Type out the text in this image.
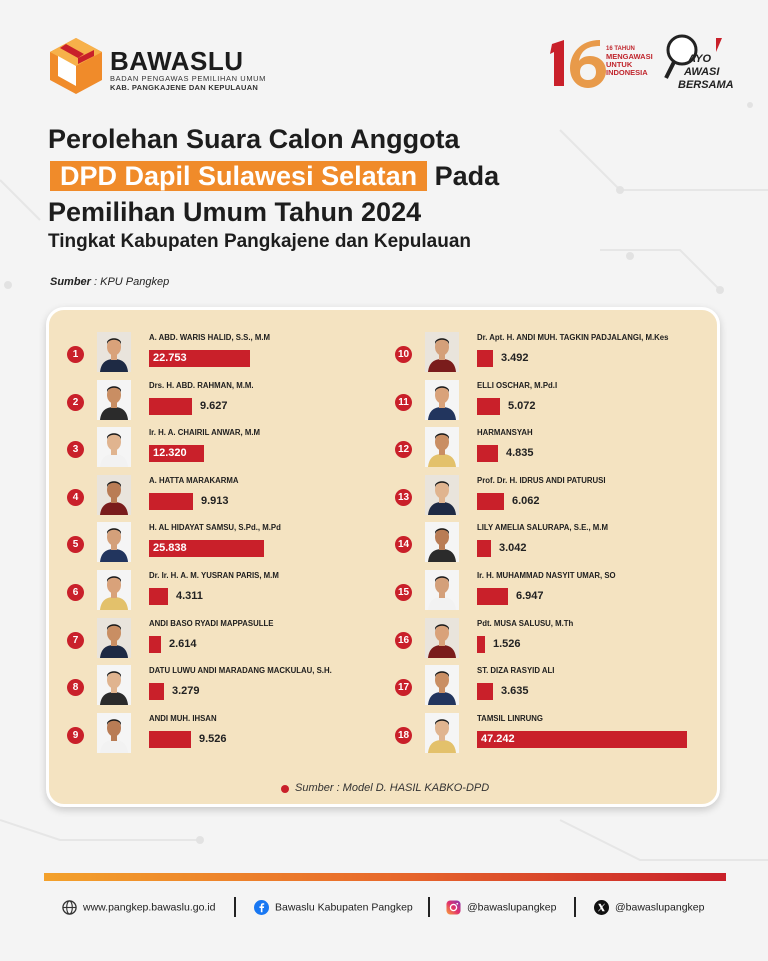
BAWASLU
BADAN PENGAWAS PEMILIHAN UMUM
KAB. PANGKAJENE DAN KEPULAUAN
16 TAHUN
MENGAWASI
UNTUK
INDONESIA
AYO
AWASI
BERSAMA
Perolehan Suara Calon Anggota
DPD Dapil Sulawesi Selatan Pada
Pemilihan Umum Tahun 2024
Tingkat Kabupaten Pangkajene dan Kepulauan
Sumber : KPU Pangkep
1
A. ABD. WARIS HALID, S.S., M.M
22.753
2
Drs. H. ABD. RAHMAN, M.M.
9.627
3
Ir. H. A. CHAIRIL ANWAR, M.M
12.320
4
A. HATTA MARAKARMA
9.913
5
H. AL HIDAYAT SAMSU, S.Pd., M.Pd
25.838
6
Dr. Ir. H. A. M. YUSRAN PARIS, M.M
4.311
7
ANDI BASO RYADI MAPPASULLE
2.614
8
DATU LUWU ANDI MARADANG MACKULAU, S.H.
3.279
9
ANDI MUH. IHSAN
9.526
10
Dr. Apt. H. ANDI MUH. TAGKIN PADJALANGI, M.Kes
3.492
11
ELLI OSCHAR, M.Pd.I
5.072
12
HARMANSYAH
4.835
13
Prof. Dr. H. IDRUS ANDI PATURUSI
6.062
14
LILY AMELIA SALURAPA, S.E., M.M
3.042
15
Ir. H. MUHAMMAD NASYIT UMAR, SO
6.947
16
Pdt. MUSA SALUSU, M.Th
1.526
17
ST. DIZA RASYID ALI
3.635
18
TAMSIL LINRUNG
47.242
Sumber : Model D. HASIL KABKO-DPD
www.pangkep.bawaslu.go.id	Bawaslu Kabupaten Pangkep	@bawaslupangkep	@bawaslupangkep
